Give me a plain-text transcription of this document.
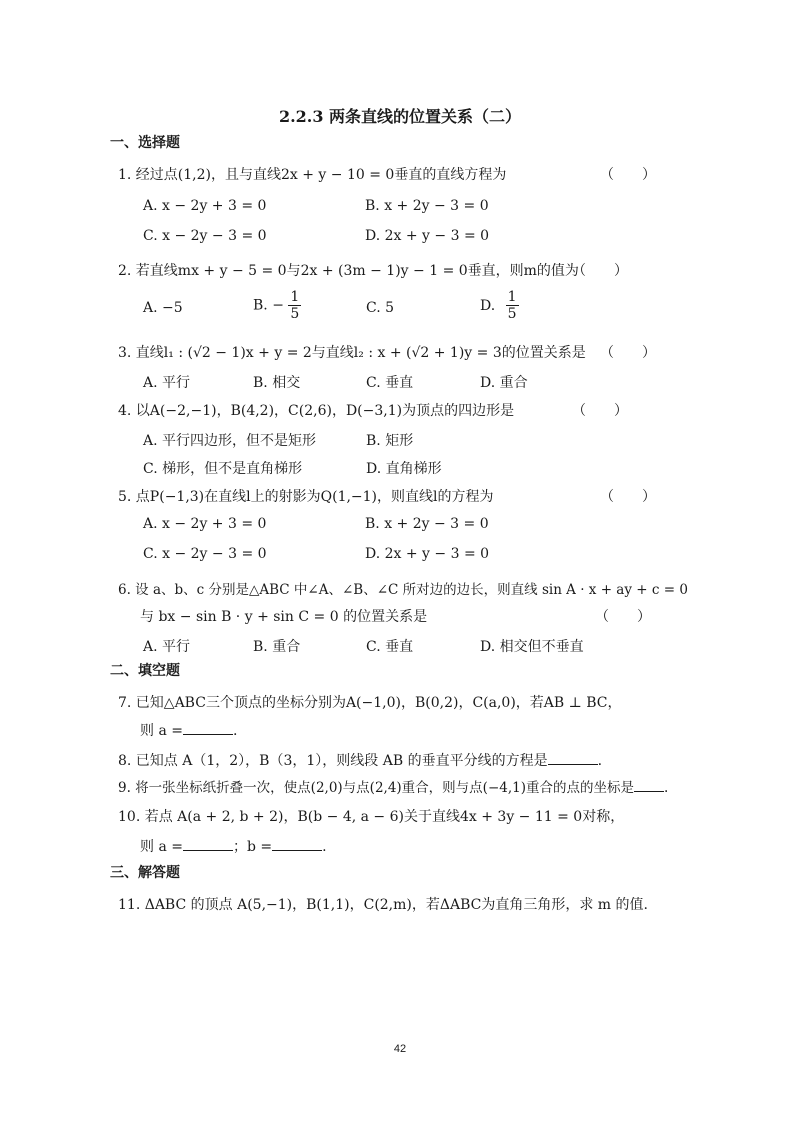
2.2.3 两条直线的位置关系（二）
一、选择题
1. 经过点(1,2)，且与直线2x + y − 10 = 0垂直的直线方程为	（　　）
A. x − 2y + 3 = 0	B. x + 2y − 3 = 0
C. x − 2y − 3 = 0	D. 2x + y − 3 = 0
2. 若直线mx + y − 5 = 0与2x + (3m − 1)y − 1 = 0垂直，则m的值为
（　　）
A. −5	B. − $\frac{1}{5}$	C. 5	D. $\frac{1}{5}$
3. 直线l₁ : (√2 − 1)x + y = 2与直线l₂ : x + (√2 + 1)y = 3的位置关系是 （　　）
A. 平行	B. 相交	C. 垂直	D. 重合
4. 以A(−2,−1)，B(4,2)，C(2,6)，D(−3,1)为顶点的四边形是	（　　）
A. 平行四边形，但不是矩形	B. 矩形
C. 梯形，但不是直角梯形	D. 直角梯形
5. 点P(−1,3)在直线l上的射影为Q(1,−1)，则直线l的方程为	（　　）
A. x − 2y + 3 = 0	B. x + 2y − 3 = 0
C. x − 2y − 3 = 0	D. 2x + y − 3 = 0
6. 设 a、b、c 分别是△ABC 中∠A、∠B、∠C 所对边的边长，则直线 sin A · x + ay + c = 0
与 bx − sin B · y + sin C = 0 的位置关系是	（　　）
A. 平行	B. 重合	C. 垂直	D. 相交但不垂直
二、填空题
7. 已知△ABC三个顶点的坐标分别为A(−1,0)，B(0,2)，C(a,0)，若AB ⊥ BC，
则 a =	.
8. 已知点 A（1，2），B（3，1），则线段 AB 的垂直平分线的方程是	.
9. 将一张坐标纸折叠一次，使点(2,0)与点(2,4)重合，则与点(−4,1)重合的点的坐标是 .
10. 若点 A(a + 2, b + 2)，B(b − 4, a − 6)关于直线4x + 3y − 11 = 0对称，
则 a =	；b =	.
三、解答题
11. ΔABC 的顶点 A(5,−1)，B(1,1)，C(2,m)，若ΔABC为直角三角形，求 m 的值.
42
